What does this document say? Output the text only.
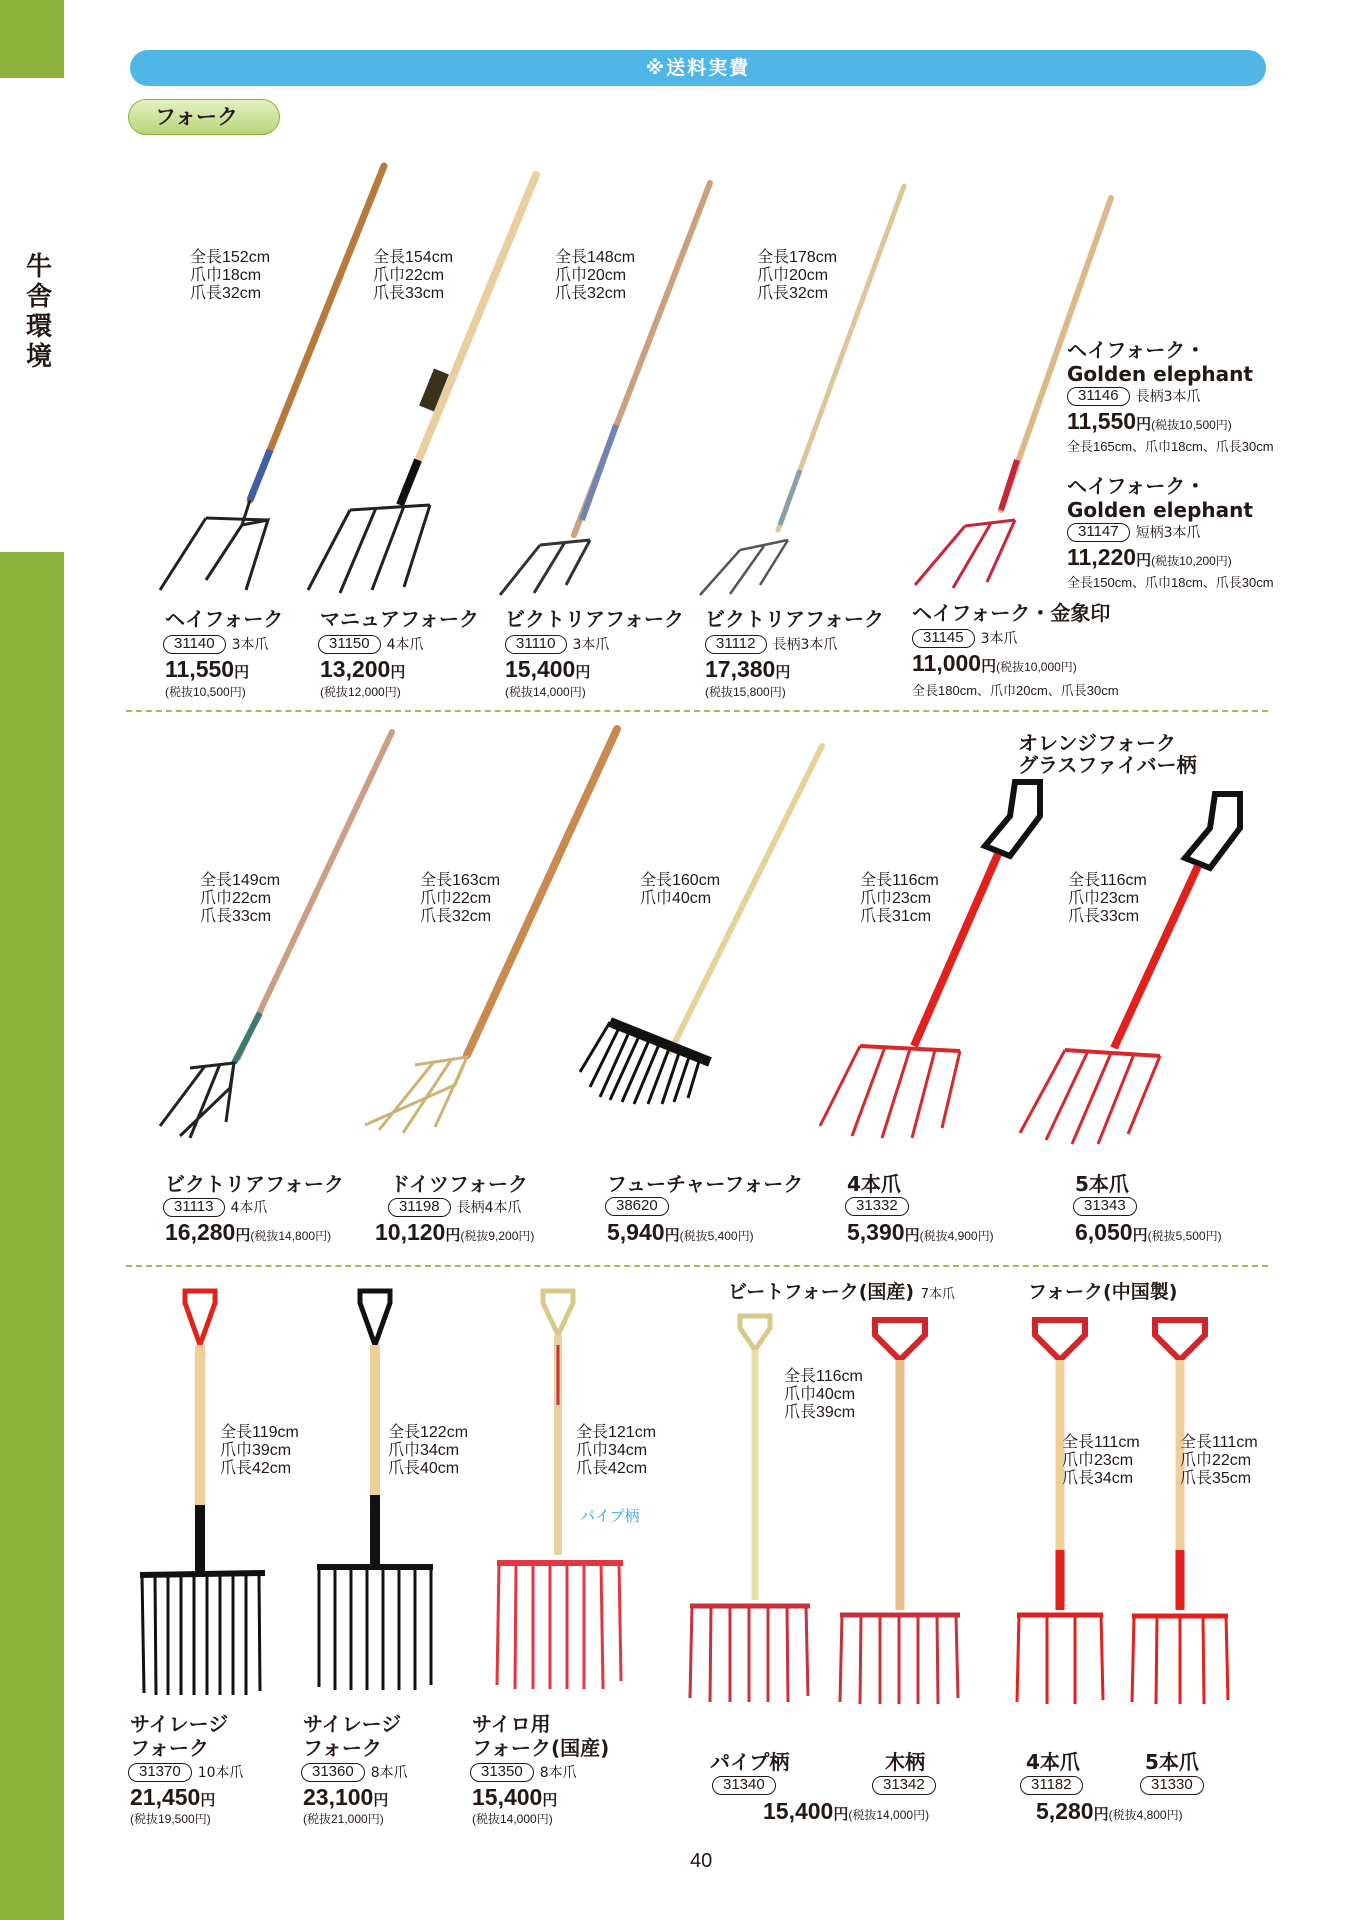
牛
舎
環
境
※送料実費
フォーク
全長152cm
爪巾18cm
爪長32cm
全長154cm
爪巾22cm
爪長33cm
全長148cm
爪巾20cm
爪長32cm
全長178cm
爪巾20cm
爪長32cm
ヘイフォーク
31140	3本爪
11,550円
(税抜10,500円)
マニュアフォーク
31150	4本爪
13,200円
(税抜12,000円)
ビクトリアフォーク
31110	3本爪
15,400円
(税抜14,000円)
ビクトリアフォーク
31112	長柄3本爪
17,380円
(税抜15,800円)
ヘイフォーク・金象印
31145	3本爪
11,000円(税抜10,000円)
全長180cm、爪巾20cm、爪長30cm
ヘイフォーク・
Golden elephant
31146	長柄3本爪
11,550円(税抜10,500円)
全長165cm、爪巾18cm、爪長30cm
ヘイフォーク・
Golden elephant
31147	短柄3本爪
11,220円(税抜10,200円)
全長150cm、爪巾18cm、爪長30cm
オレンジフォーク
グラスファイバー柄
全長149cm
爪巾22cm
爪長33cm
全長163cm
爪巾22cm
爪長32cm
全長160cm
爪巾40cm
全長116cm
爪巾23cm
爪長31cm
全長116cm
爪巾23cm
爪長33cm
ビクトリアフォーク
31113	4本爪
16,280円(税抜14,800円)
ドイツフォーク
31198	長柄4本爪
10,120円(税抜9,200円)
フューチャーフォーク
38620
5,940円(税抜5,400円)
4本爪
31332
5,390円(税抜4,900円)
5本爪
31343
6,050円(税抜5,500円)
全長119cm
爪巾39cm
爪長42cm
全長122cm
爪巾34cm
爪長40cm
全長121cm
爪巾34cm
爪長42cm
パイプ柄
全長116cm
爪巾40cm
爪長39cm
全長111cm
爪巾23cm
爪長34cm
全長111cm
爪巾22cm
爪長35cm
ビートフォーク(国産) 7本爪	フォーク(中国製)
サイレージ
フォーク
31370	10本爪
21,450円
(税抜19,500円)
サイレージ
フォーク
31360	8本爪
23,100円
(税抜21,000円)
サイロ用
フォーク(国産)
31350	8本爪
15,400円
(税抜14,000円)
パイプ柄
31340
木柄
31342
15,400円(税抜14,000円)
4本爪
31182
5本爪
31330
5,280円(税抜4,800円)
40
